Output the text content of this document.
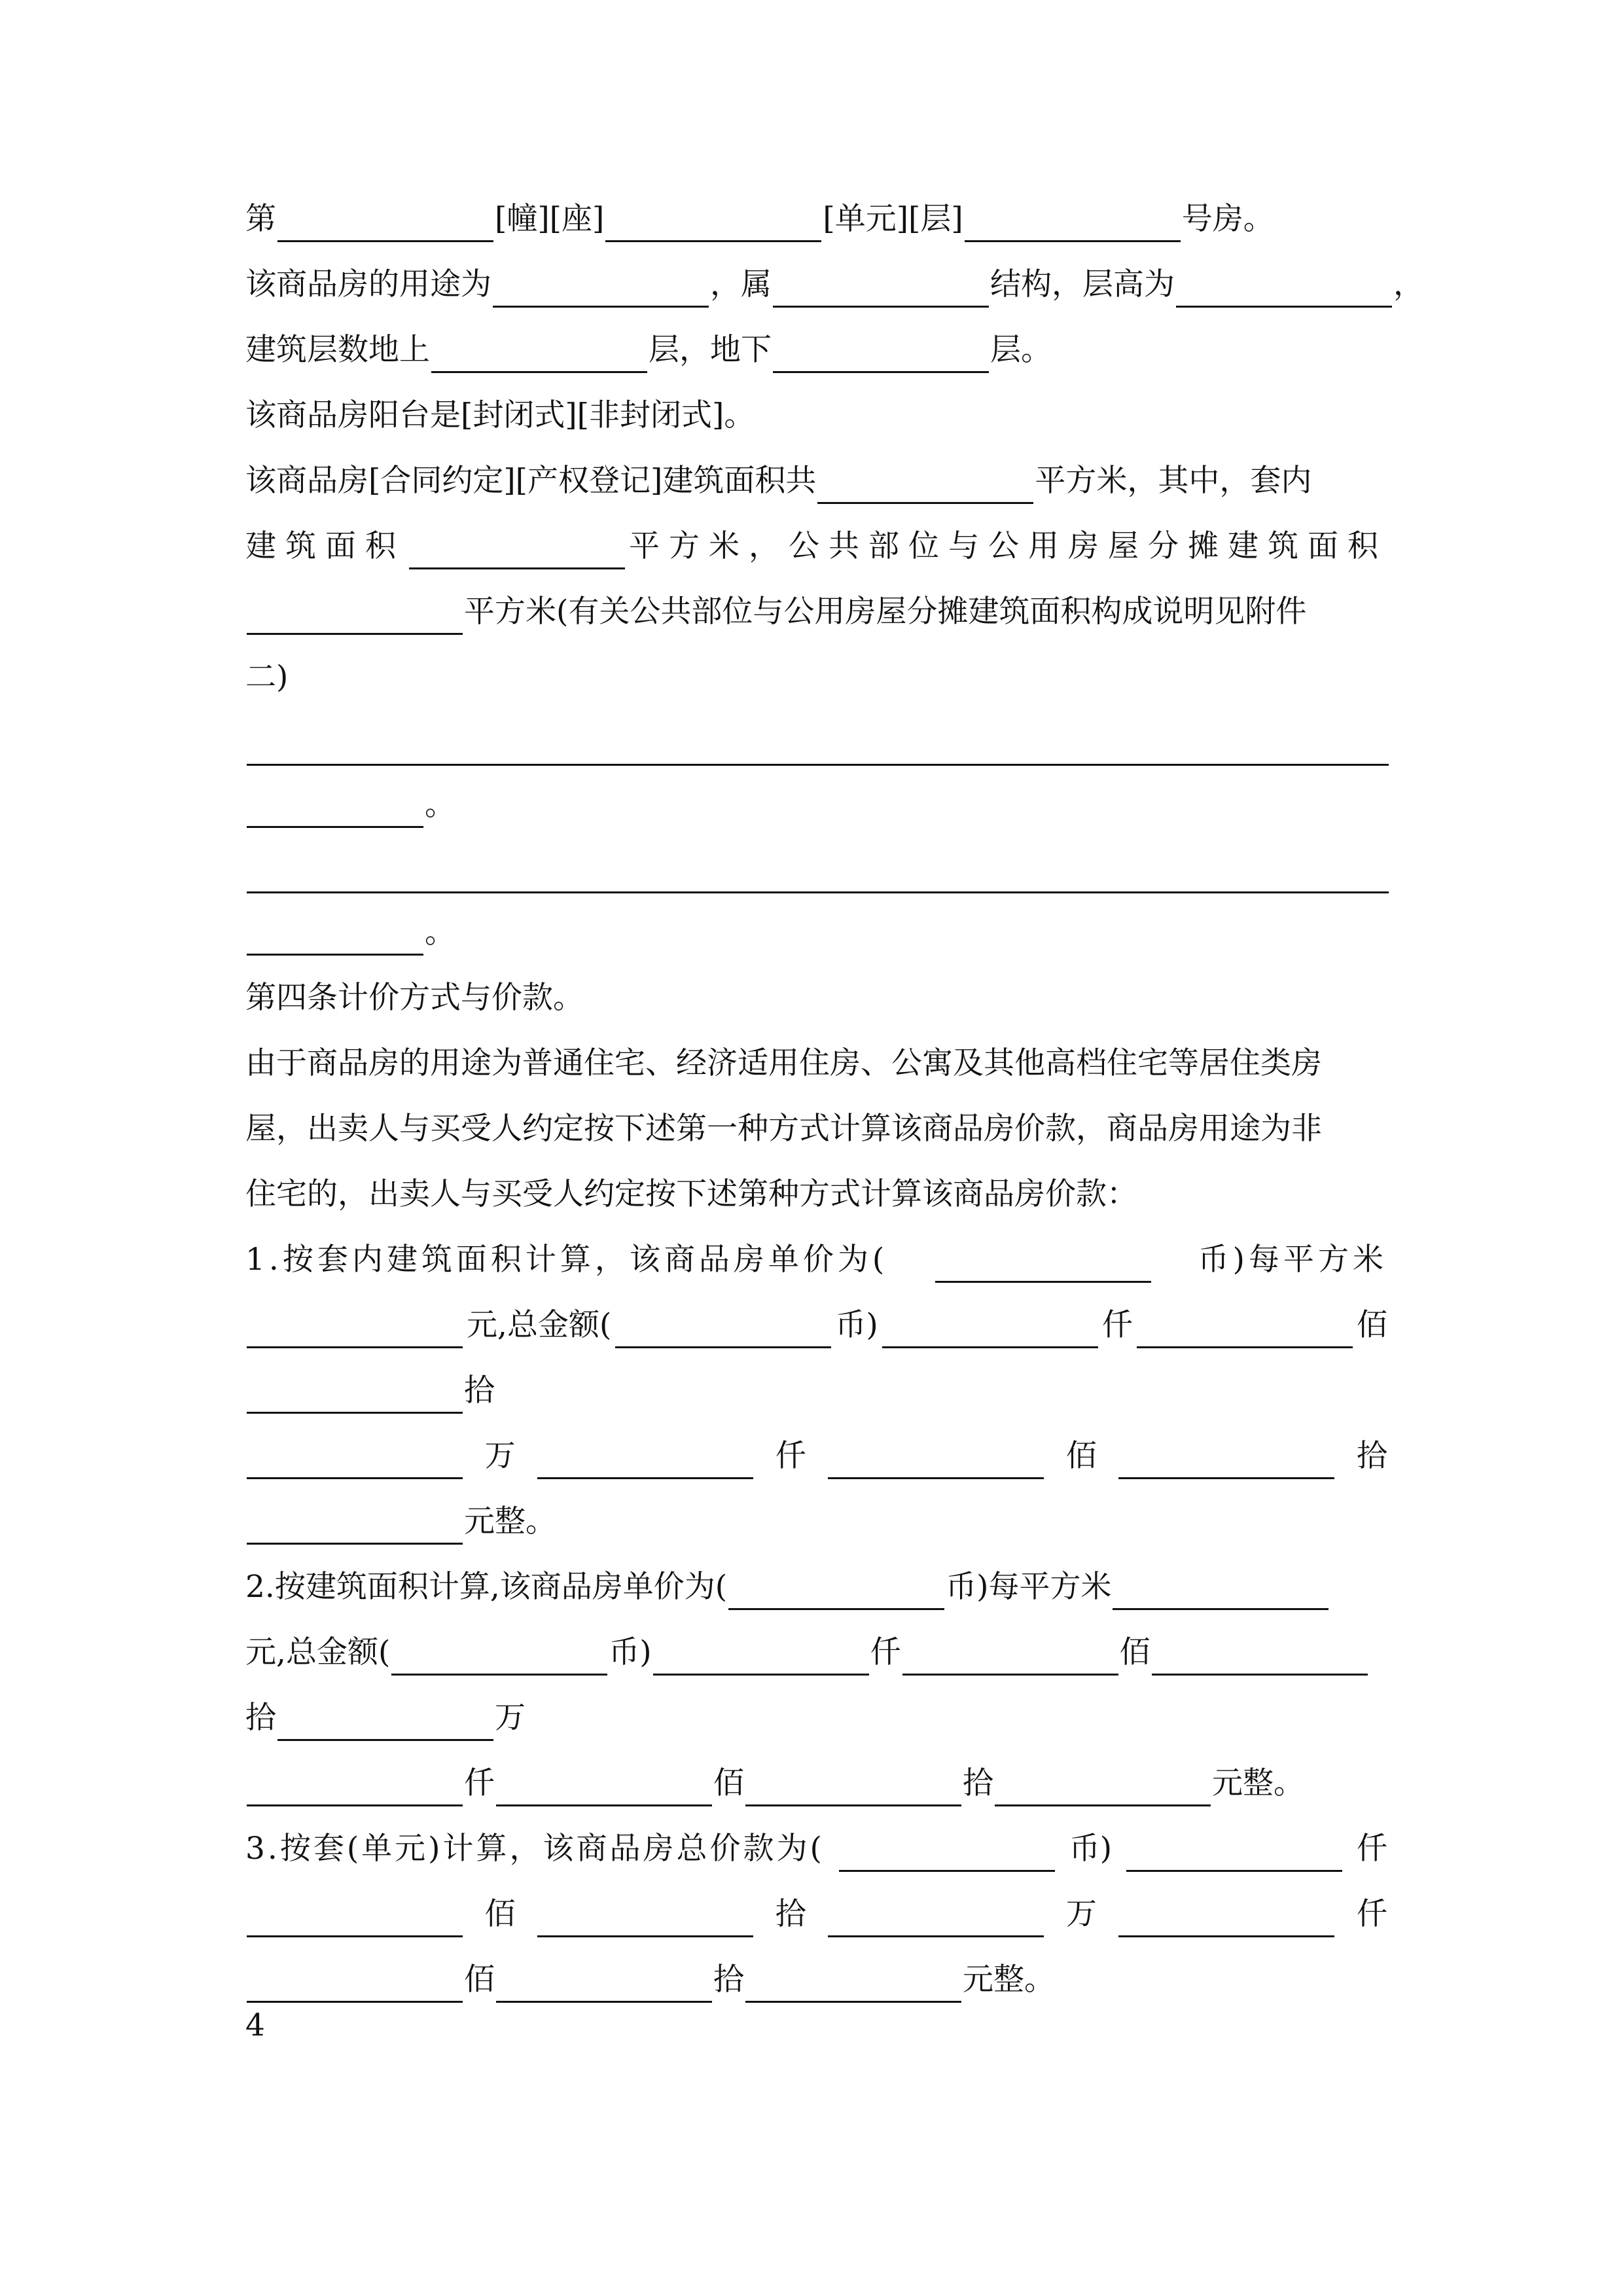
第	[幢][座]	[单元][层]	号房。
该商品房的用途为	，属	结构，层高为	，
建筑层数地上	层，地下	层。
该商品房阳台是[封闭式][非封闭式]。
该商品房[合同约定][产权登记]建筑面积共	平方米，其中，套内
建筑面积	平方米，公共部位与公用房屋分摊建筑面积
平方米(有关公共部位与公用房屋分摊建筑面积构成说明见附件
二)
。
。
第四条计价方式与价款。
由于商品房的用途为普通住宅、经济适用住房、公寓及其他高档住宅等居住类房
屋，出卖人与买受人约定按下述第一种方式计算该商品房价款，商品房用途为非
住宅的，出卖人与买受人约定按下述第种方式计算该商品房价款：
1.按套内建筑面积计算，该商品房单价为(	币)每平方米
元,总金额(	币)	仟	佰
拾
万	仟	佰	拾
元整。
2.按建筑面积计算,该商品房单价为(	币)每平方米
元,总金额(	币)	仟	佰
拾	万
仟	佰	拾	元整。
3.按套(单元)计算，该商品房总价款为(	币)	仟
佰	拾	万	仟
佰	拾	元整。
4
